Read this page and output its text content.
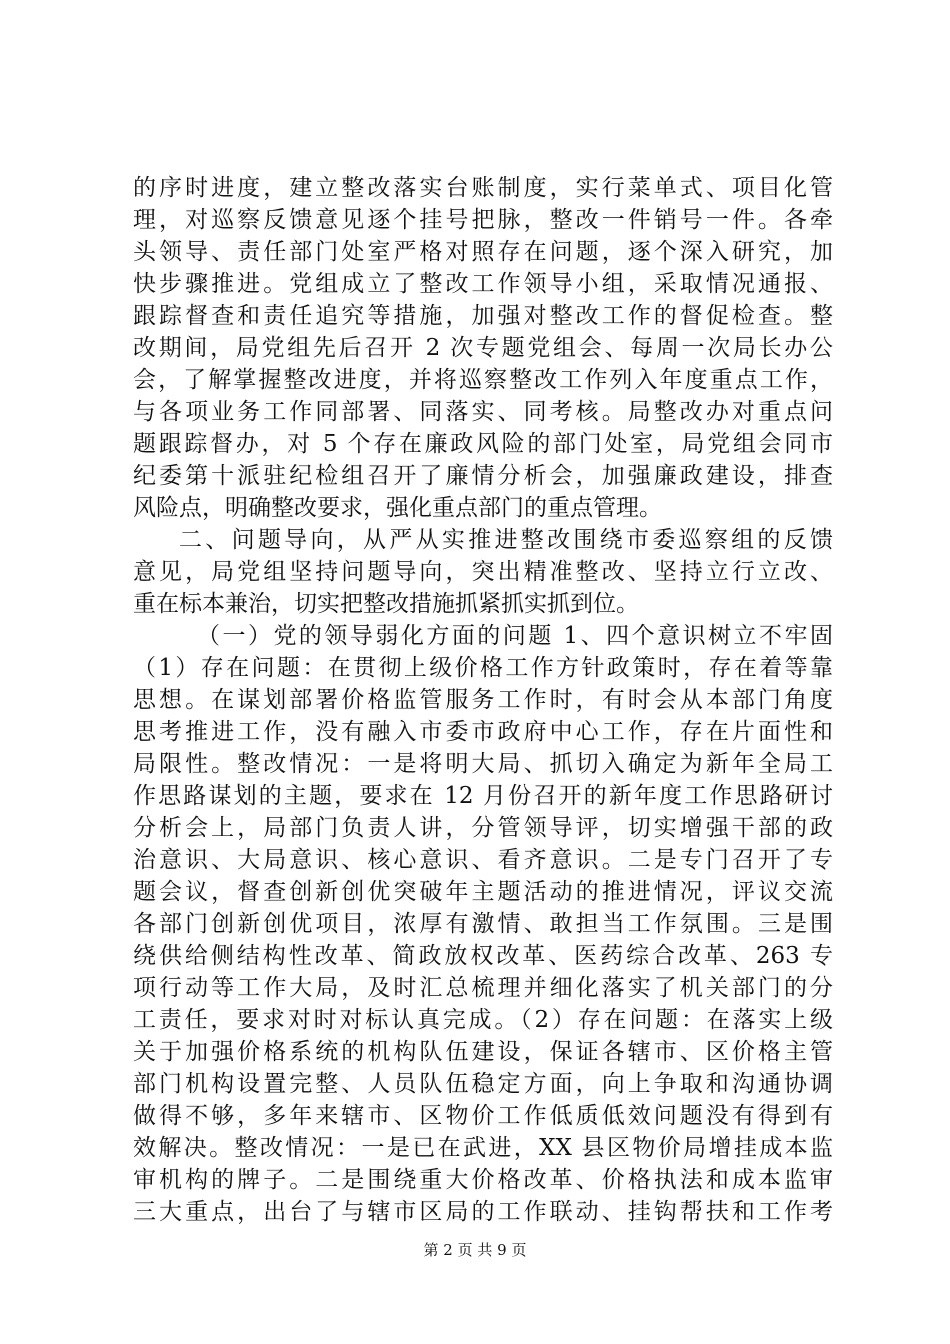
的序时进度，建立整改落实台账制度，实行菜单式、项目化管
理，对巡察反馈意见逐个挂号把脉，整改一件销号一件。各牵
头领导、责任部门处室严格对照存在问题，逐个深入研究，加
快步骤推进。党组成立了整改工作领导小组，采取情况通报、
跟踪督查和责任追究等措施，加强对整改工作的督促检查。整
改期间，局党组先后召开 2 次专题党组会、每周一次局长办公
会，了解掌握整改进度，并将巡察整改工作列入年度重点工作，
与各项业务工作同部署、同落实、同考核。局整改办对重点问
题跟踪督办，对 5 个存在廉政风险的部门处室，局党组会同市
纪委第十派驻纪检组召开了廉情分析会，加强廉政建设，排查
风险点，明确整改要求，强化重点部门的重点管理。
二、问题导向，从严从实推进整改围绕市委巡察组的反馈
意见，局党组坚持问题导向，突出精准整改、坚持立行立改、
重在标本兼治，切实把整改措施抓紧抓实抓到位。
（一）党的领导弱化方面的问题 1、四个意识树立不牢固
（1）存在问题：在贯彻上级价格工作方针政策时，存在着等靠
思想。在谋划部署价格监管服务工作时，有时会从本部门角度
思考推进工作，没有融入市委市政府中心工作，存在片面性和
局限性。整改情况：一是将明大局、抓切入确定为新年全局工
作思路谋划的主题，要求在 12 月份召开的新年度工作思路研讨
分析会上，局部门负责人讲，分管领导评，切实增强干部的政
治意识、大局意识、核心意识、看齐意识。二是专门召开了专
题会议，督查创新创优突破年主题活动的推进情况，评议交流
各部门创新创优项目，浓厚有激情、敢担当工作氛围。三是围
绕供给侧结构性改革、简政放权改革、医药综合改革、263 专
项行动等工作大局，及时汇总梳理并细化落实了机关部门的分
工责任，要求对时对标认真完成。（2）存在问题：在落实上级
关于加强价格系统的机构队伍建设，保证各辖市、区价格主管
部门机构设置完整、人员队伍稳定方面，向上争取和沟通协调
做得不够，多年来辖市、区物价工作低质低效问题没有得到有
效解决。整改情况：一是已在武进，XX 县区物价局增挂成本监
审机构的牌子。二是围绕重大价格改革、价格执法和成本监审
三大重点，出台了与辖市区局的工作联动、挂钩帮扶和工作考
第 2 页 共 9 页
